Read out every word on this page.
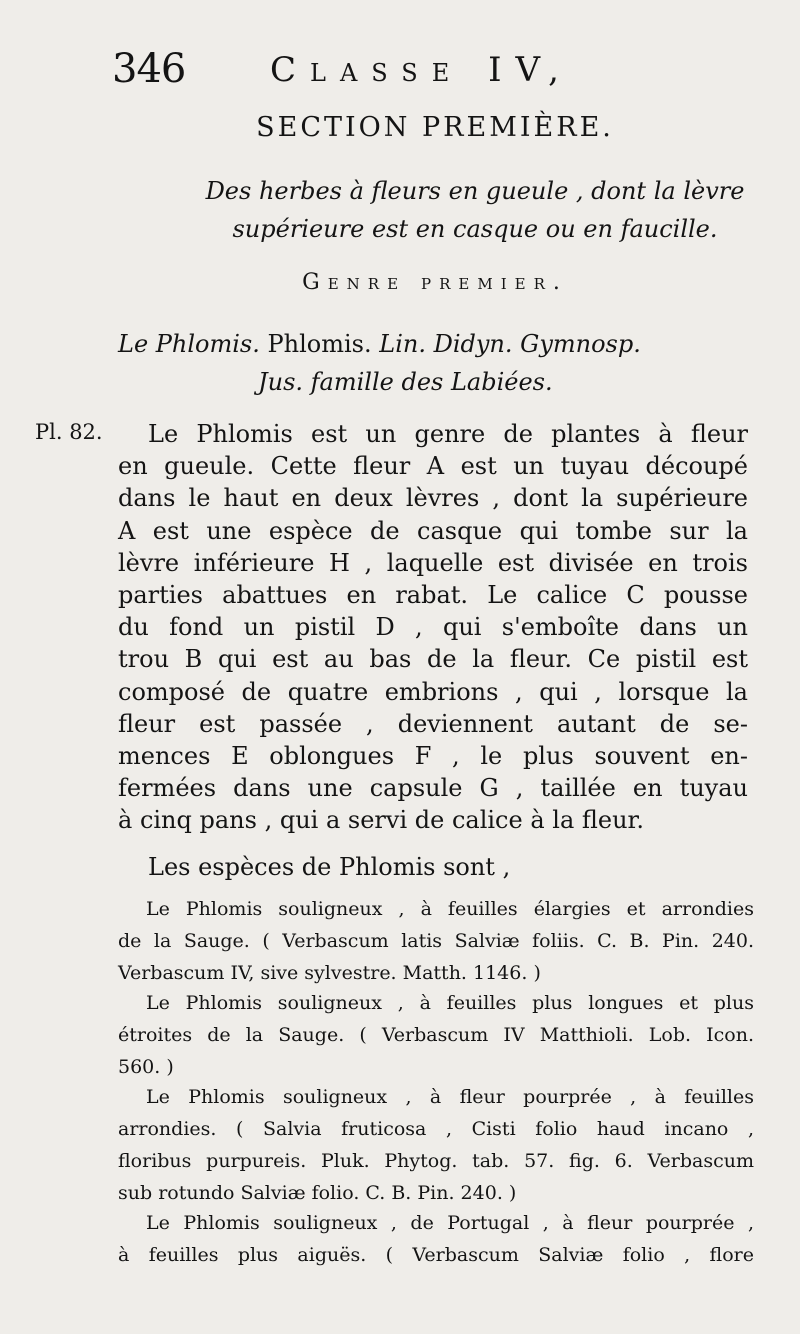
346 Classe IV,
SECTION PREMIÈRE.
Des herbes à fleurs en gueule , dont la lèvre
supérieure est en casque ou en faucille.
Genre premier.
Le Phlomis. Phlomis. Lin. Didyn. Gymnosp.
Jus. famille des Labiées.
Pl. 82.	Le Phlomis est un genre de plantes à fleur
en gueule. Cette fleur A est un tuyau découpé
dans le haut en deux lèvres , dont la supérieure
A est une espèce de casque qui tombe sur la
lèvre inférieure H , laquelle est divisée en trois
parties abattues en rabat. Le calice C pousse
du fond un pistil D , qui s'emboîte dans un
trou B qui est au bas de la fleur. Ce pistil est
composé de quatre embrions , qui , lorsque la
fleur est passée , deviennent autant de se-
mences E oblongues F , le plus souvent en-
fermées dans une capsule G , taillée en tuyau
à cinq pans , qui a servi de calice à la fleur.
Les espèces de Phlomis sont ,
Le Phlomis souligneux , à feuilles élargies et arrondies
de la Sauge. ( Verbascum latis Salviæ foliis. C. B. Pin. 240.
Verbascum IV, sive sylvestre. Matth. 1146. )
Le Phlomis souligneux , à feuilles plus longues et plus
étroites de la Sauge. ( Verbascum IV Matthioli. Lob. Icon.
560. )
Le Phlomis souligneux , à fleur pourprée , à feuilles
arrondies. ( Salvia fruticosa , Cisti folio haud incano ,
floribus purpureis. Pluk. Phytog. tab. 57. fig. 6. Verbascum
sub rotundo Salviæ folio. C. B. Pin. 240. )
Le Phlomis souligneux , de Portugal , à fleur pourprée ,
à feuilles plus aiguës. ( Verbascum Salviæ folio , flore
